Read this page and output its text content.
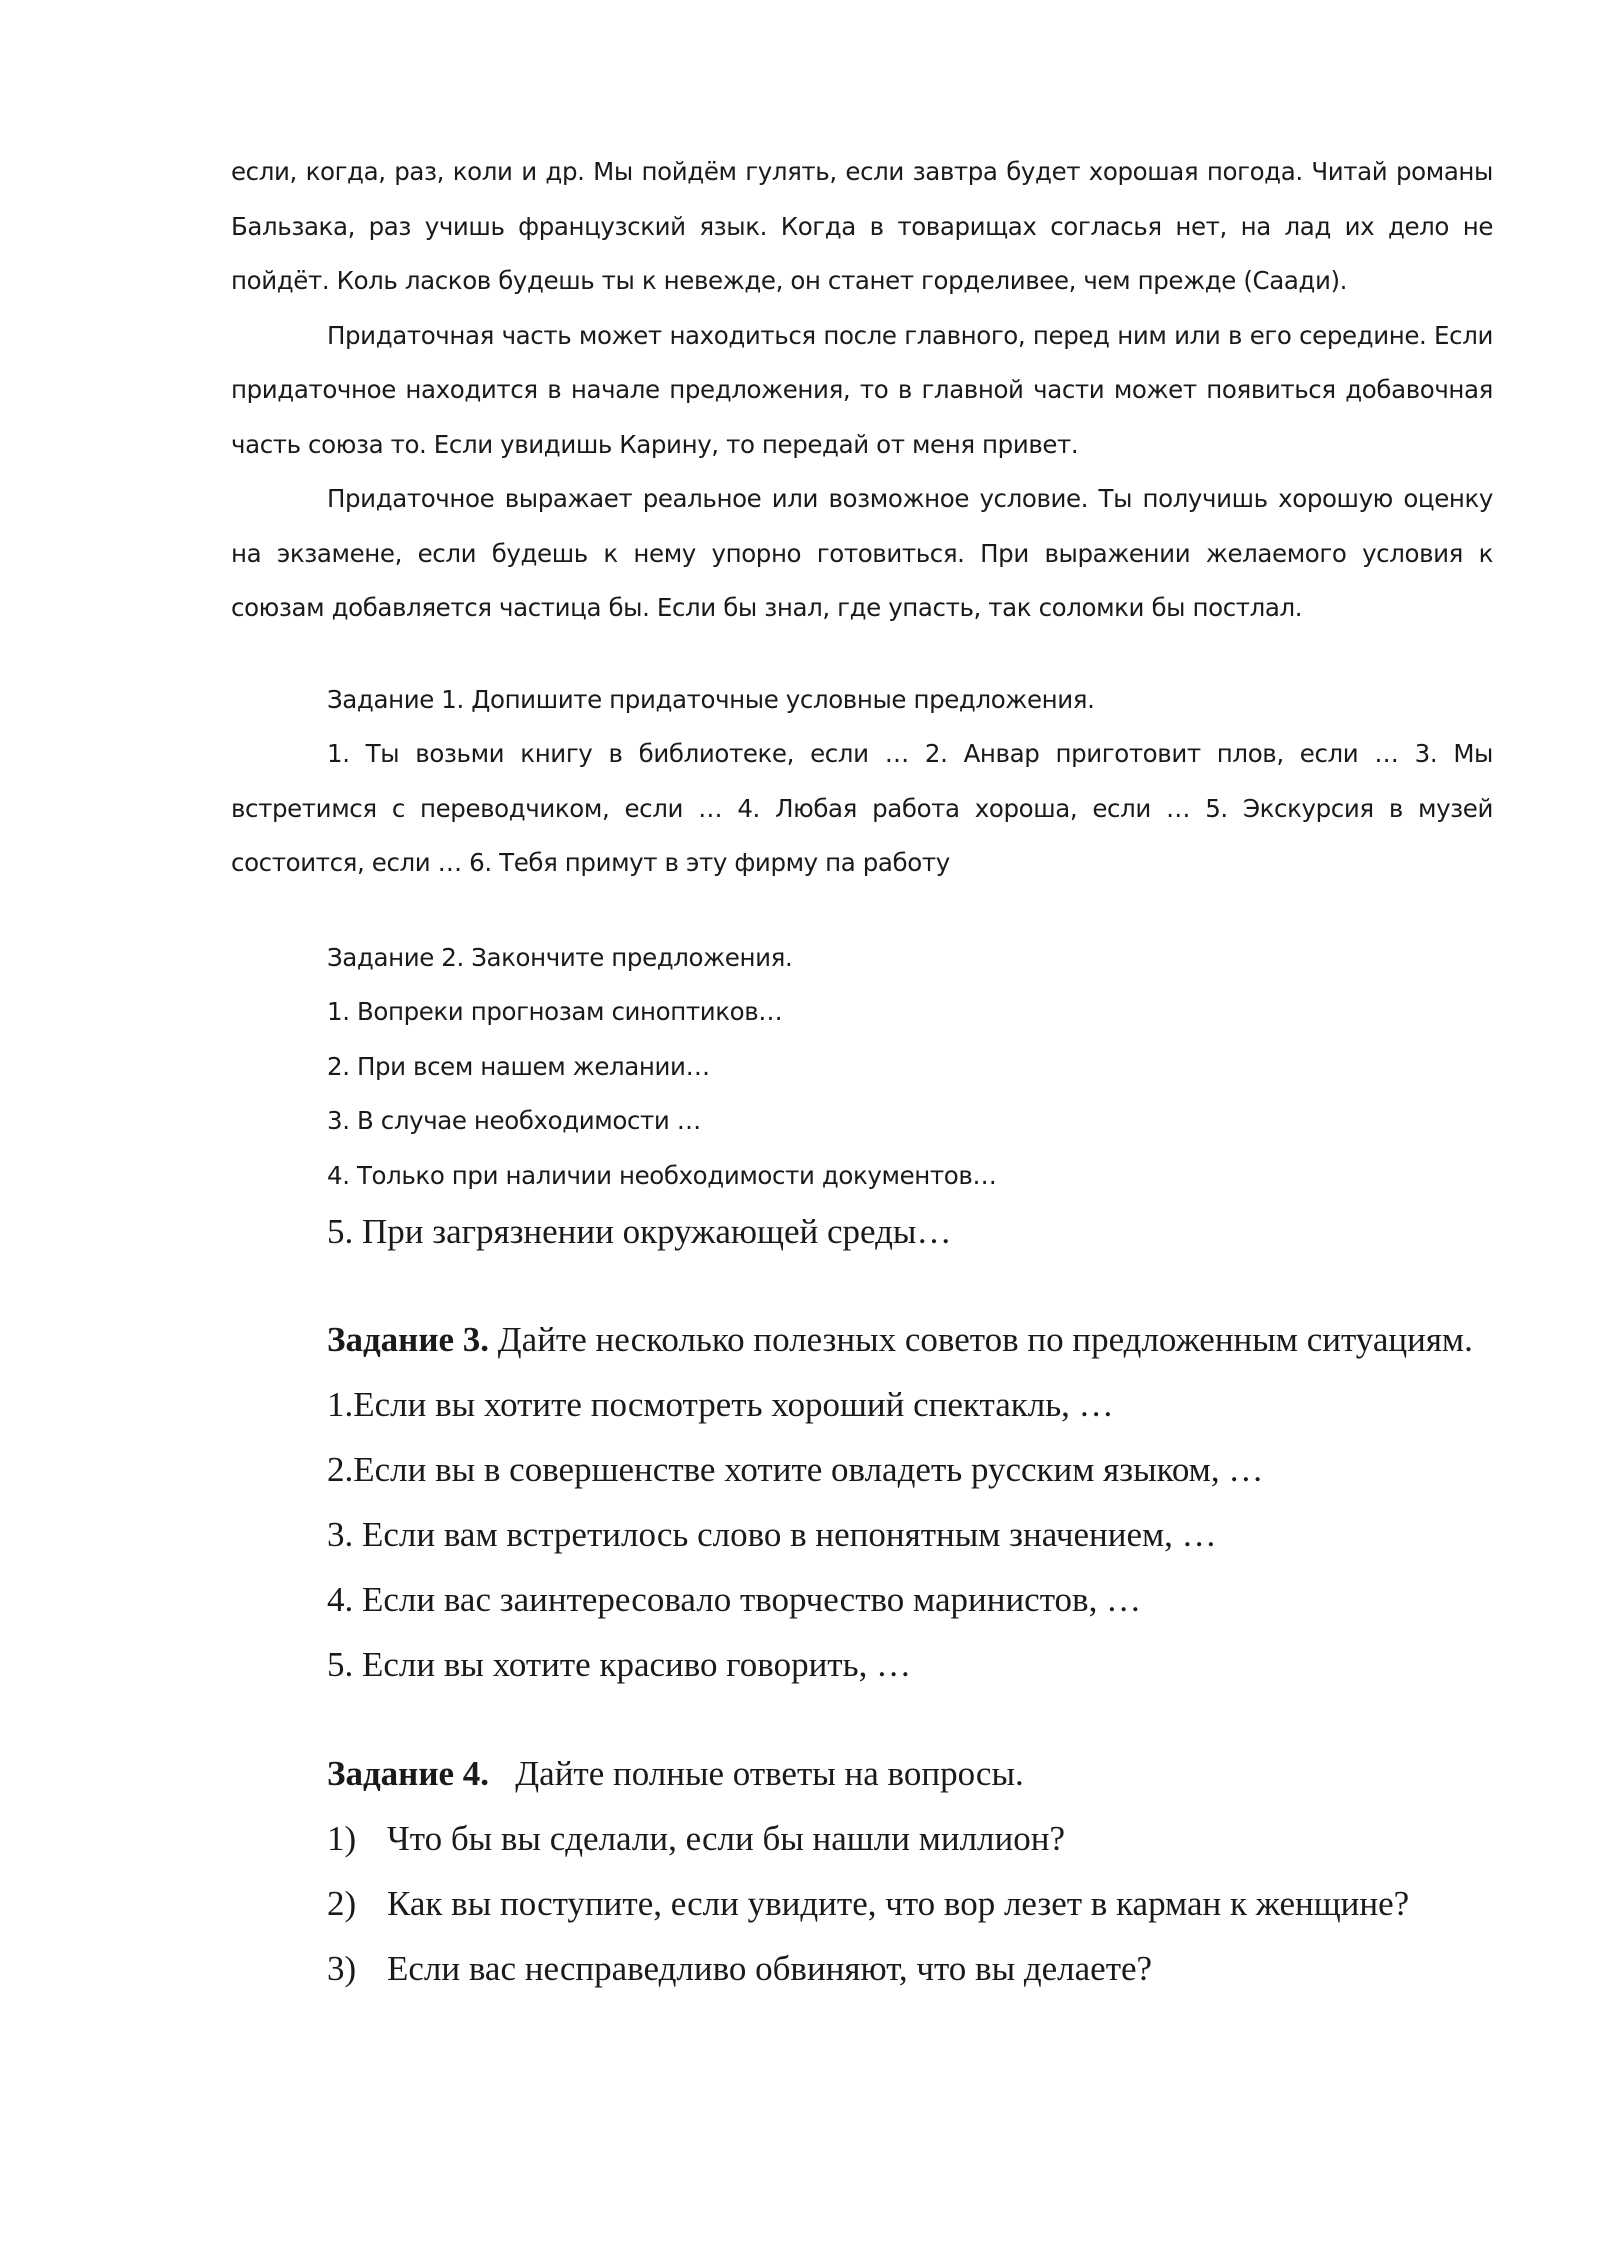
если, когда, раз, коли и др. Мы пойдём гулять, если завтра будет хорошая погода. Читай романы Бальзака, раз учишь французский язык. Когда в товарищах согласья нет, на лад их дело не пойдёт. Коль ласков будешь ты к невежде, он станет горделивее, чем прежде (Саади).

Придаточная часть может находиться после главного, перед ним или в его середине. Если придаточное находится в начале предложения, то в главной части может появиться добавочная часть союза то. Если увидишь Карину, то передай от меня привет.

Придаточное выражает реальное или возможное условие. Ты получишь хорошую оценку на экзамене, если будешь к нему упорно готовиться. При выражении желаемого условия к союзам добавляется частица бы. Если бы знал, где упасть, так соломки бы постлал.

Задание 1. Допишите придаточные условные предложения.

1. Ты возьми книгу в библиотеке, если … 2. Анвар приготовит плов, если … 3. Мы встретимся с переводчиком, если … 4. Любая работа хороша, если … 5. Экскурсия в музей состоится, если … 6. Тебя примут в эту фирму па работу

Задание 2. Закончите предложения.

1. Вопреки прогнозам синоптиков…

2. При всем нашем желании…

3. В случае необходимости …

4. Только при наличии необходимости документов…

5. При загрязнении окружающей среды…

Задание 3. Дайте несколько полезных советов по предложенным ситуациям.

1.Если вы хотите посмотреть хороший спектакль, …

2.Если вы в совершенстве хотите овладеть русским языком, …

3. Если вам встретилось слово в непонятным значением, …

4. Если вас заинтересовало творчество маринистов, …

5. Если вы хотите красиво говорить, …

Задание 4.   Дайте полные ответы на вопросы.

1) Что бы вы сделали, если бы нашли миллион?
2) Как вы поступите, если увидите, что вор лезет в карман к женщине?
3) Если вас несправедливо обвиняют, что вы делаете?
